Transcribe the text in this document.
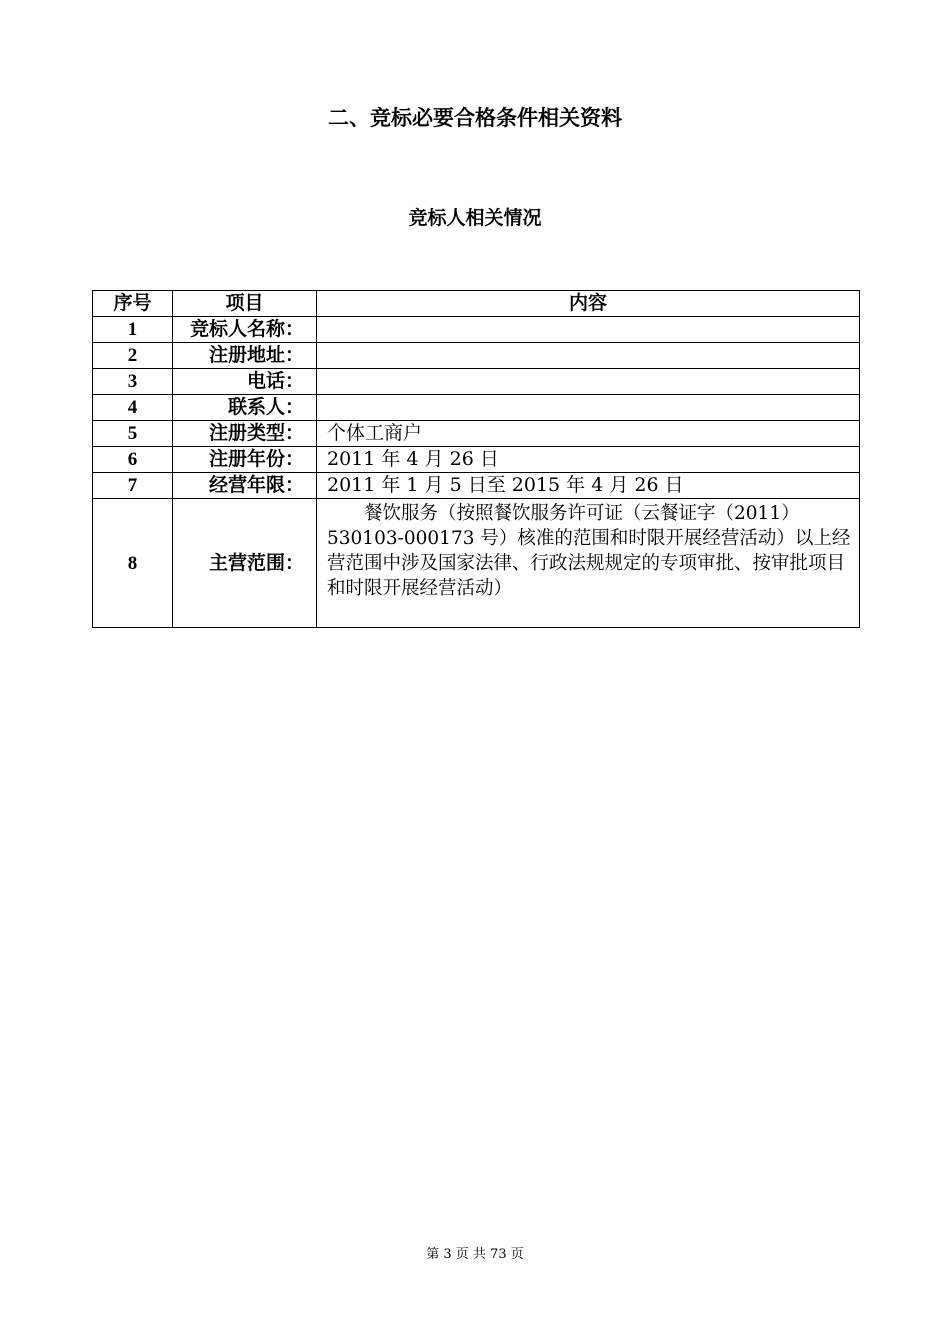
二、竞标必要合格条件相关资料
竞标人相关情况
序号	项目	内容
1	竞标人名称：	
2	注册地址：	
3	电话：	
4	联系人：	
5	注册类型：	个体工商户
6	注册年份：	2011 年 4 月 26 日
7	经营年限：	2011 年 1 月 5 日至 2015 年 4 月 26 日
8	主营范围：	餐饮服务（按照餐饮服务许可证（云餐证字（2011）530103-000173 号）核准的范围和时限开展经营活动）以上经营范围中涉及国家法律、行政法规规定的专项审批、按审批项目和时限开展经营活动）
第 3 页 共 73 页
